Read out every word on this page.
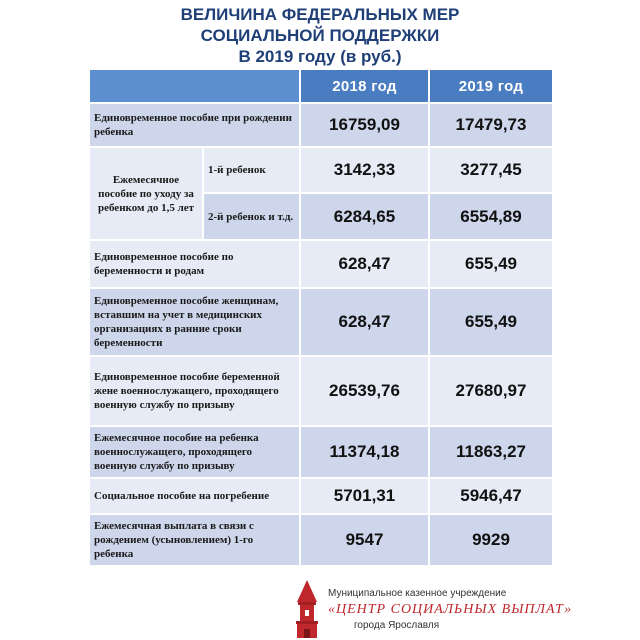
ВЕЛИЧИНА ФЕДЕРАЛЬНЫХ МЕР
СОЦИАЛЬНОЙ ПОДДЕРЖКИ
В 2019 году (в руб.)
		2018 год	2019 год
Единовременное пособие при рождении ребенка		16759,09	17479,73
Ежемесячное пособие по уходу за ребенком до 1,5 лет	1-й ребенок	3142,33	3277,45
	2-й ребенок и т.д.	6284,65	6554,89
Единовременное пособие по беременности и родам		628,47	655,49
Единовременное пособие женщинам, вставшим на учет в медицинских организациях в ранние сроки беременности		628,47	655,49
Единовременное пособие беременной жене военнослужащего, проходящего военную службу по призыву		26539,76	27680,97
Ежемесячное пособие на ребенка военнослужащего, проходящего военную службу по призыву		11374,18	11863,27
Социальное пособие на погребение		5701,31	5946,47
Ежемесячная выплата в связи с рождением (усыновлением) 1-го ребенка		9547	9929
Муниципальное казенное учреждение
«ЦЕНТР СОЦИАЛЬНЫХ ВЫПЛАТ»
города Ярославля
